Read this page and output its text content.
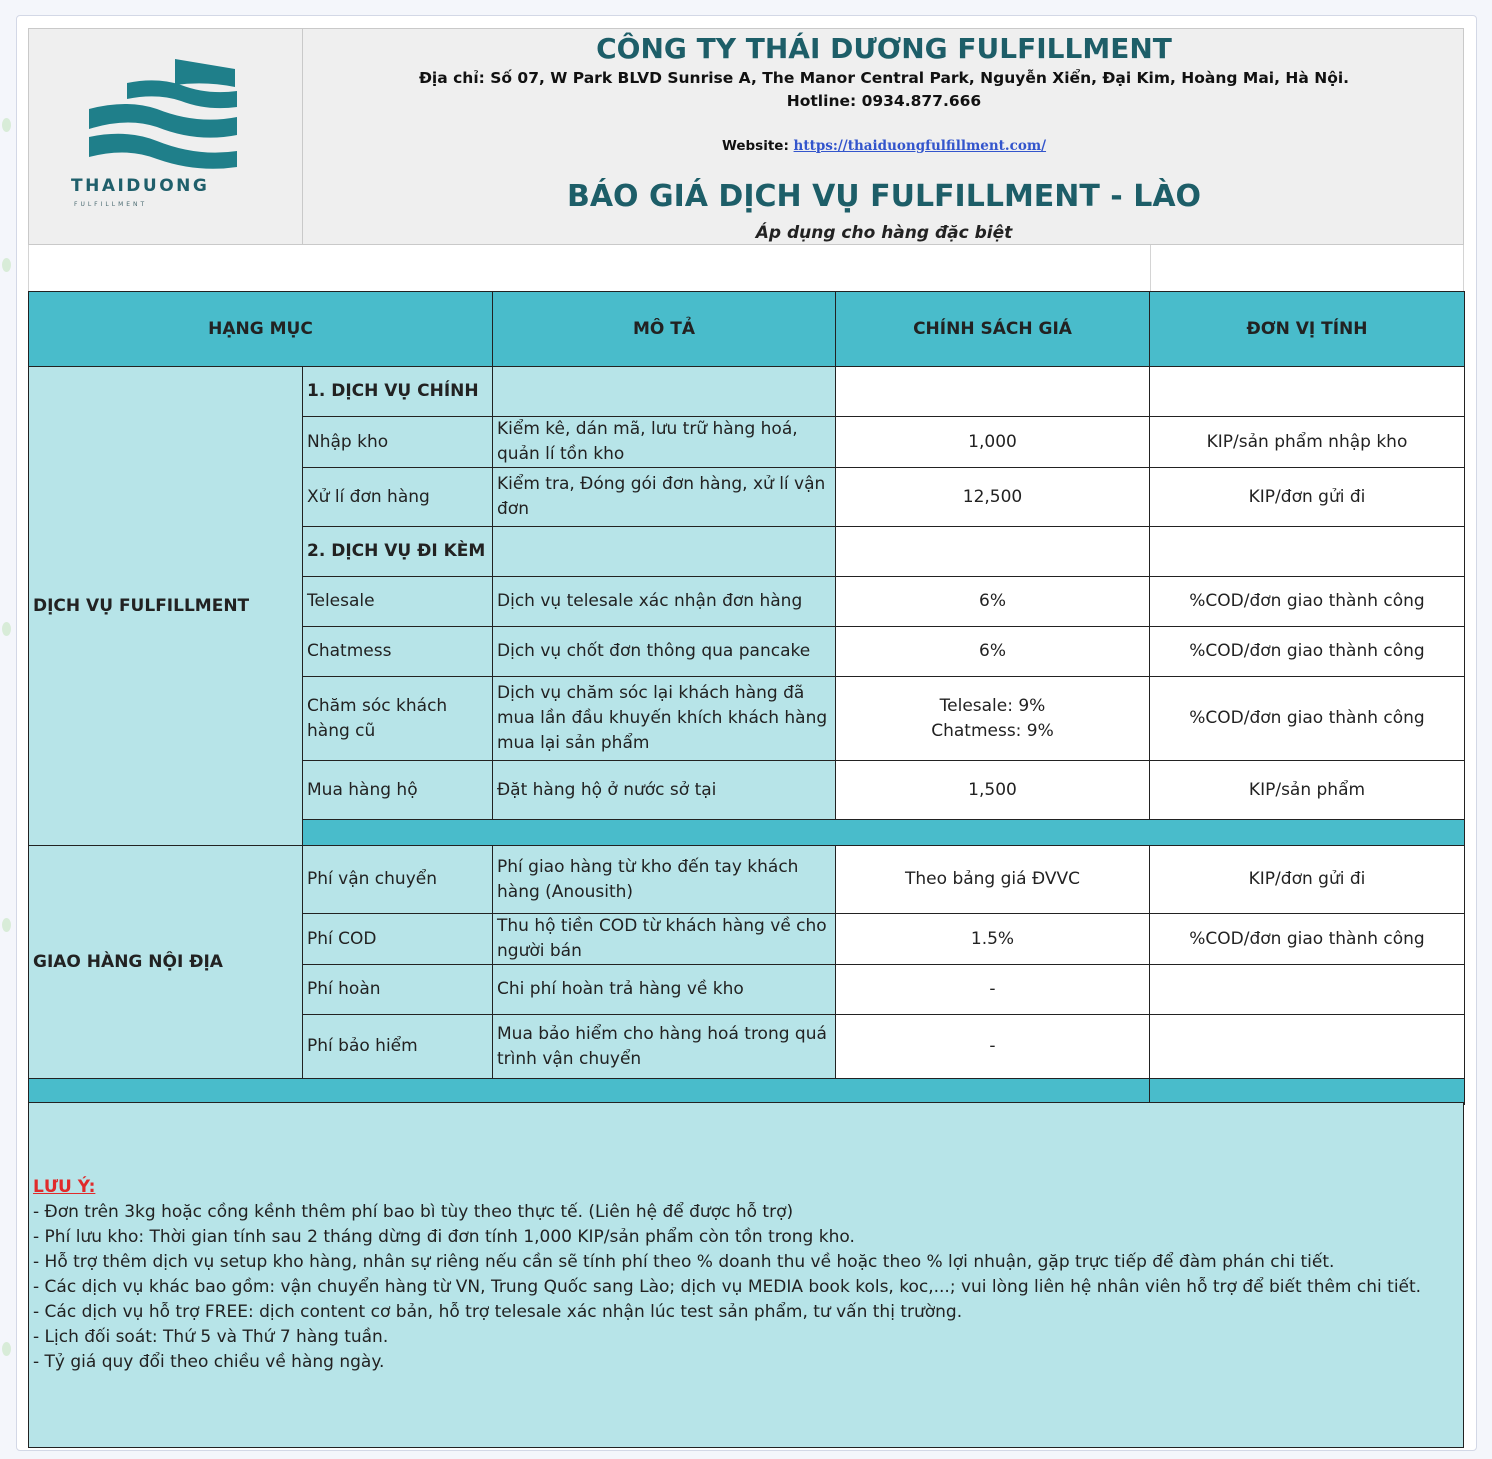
THAIDUONG
FULFILLMENT
CÔNG TY THÁI DƯƠNG FULFILLMENT
Địa chỉ: Số 07, W Park BLVD Sunrise A, The Manor Central Park, Nguyễn Xiển, Đại Kim, Hoàng Mai, Hà Nội.
Hotline: 0934.877.666
Website: https://thaiduongfulfillment.com/
BÁO GIÁ DỊCH VỤ FULFILLMENT - LÀO
Áp dụng cho hàng đặc biệt
HẠNG MỤC		MÔ TẢ	CHÍNH SÁCH GIÁ	ĐƠN VỊ TÍNH	
DỊCH VỤ FULFILLMENT	1. DỊCH VỤ CHÍNH				
	Nhập kho	Kiểm kê, dán mã, lưu trữ hàng hoá, quản lí tồn kho	1,000	KIP/sản phẩm nhập kho	
	Xử lí đơn hàng	Kiểm tra, Đóng gói đơn hàng, xử lí vận đơn	12,500	KIP/đơn gửi đi	
	2. DỊCH VỤ ĐI KÈM				
	Telesale	Dịch vụ telesale xác nhận đơn hàng	6%	%COD/đơn giao thành công	
	Chatmess	Dịch vụ chốt đơn thông qua pancake	6%	%COD/đơn giao thành công	
	Chăm sóc khách hàng cũ	Dịch vụ chăm sóc lại khách hàng đã mua lần đầu khuyến khích khách hàng mua lại sản phẩm	Telesale: 9%
Chatmess: 9%	%COD/đơn giao thành công	
	Mua hàng hộ	Đặt hàng hộ ở nước sở tại	1,500	KIP/sản phẩm	

GIAO HÀNG NỘI ĐỊA	Phí vận chuyển	Phí giao hàng từ kho đến tay khách hàng (Anousith)	Theo bảng giá ĐVVC	KIP/đơn gửi đi	
	Phí COD	Thu hộ tiền COD từ khách hàng về cho người bán	1.5%	%COD/đơn giao thành công	
	Phí hoàn	Chi phí hoàn trả hàng về kho	-		
	Phí bảo hiểm	Mua bảo hiểm cho hàng hoá trong quá trình vận chuyển	-		

LƯU Ý:
- Đơn trên 3kg hoặc cồng kềnh thêm phí bao bì tùy theo thực tế. (Liên hệ để được hỗ trợ)
- Phí lưu kho: Thời gian tính sau 2 tháng dừng đi đơn tính 1,000 KIP/sản phẩm còn tồn trong kho.
- Hỗ trợ thêm dịch vụ setup kho hàng, nhân sự riêng nếu cần sẽ tính phí theo % doanh thu về hoặc theo % lợi nhuận, gặp trực tiếp để đàm phán chi tiết.
- Các dịch vụ khác bao gồm: vận chuyển hàng từ VN, Trung Quốc sang Lào; dịch vụ MEDIA book kols, koc,...; vui lòng liên hệ nhân viên hỗ trợ để biết thêm chi tiết.
- Các dịch vụ hỗ trợ FREE: dịch content cơ bản, hỗ trợ telesale xác nhận lúc test sản phẩm, tư vấn thị trường.
- Lịch đối soát: Thứ 5 và Thứ 7 hàng tuần.
- Tỷ giá quy đổi theo chiều về hàng ngày.
